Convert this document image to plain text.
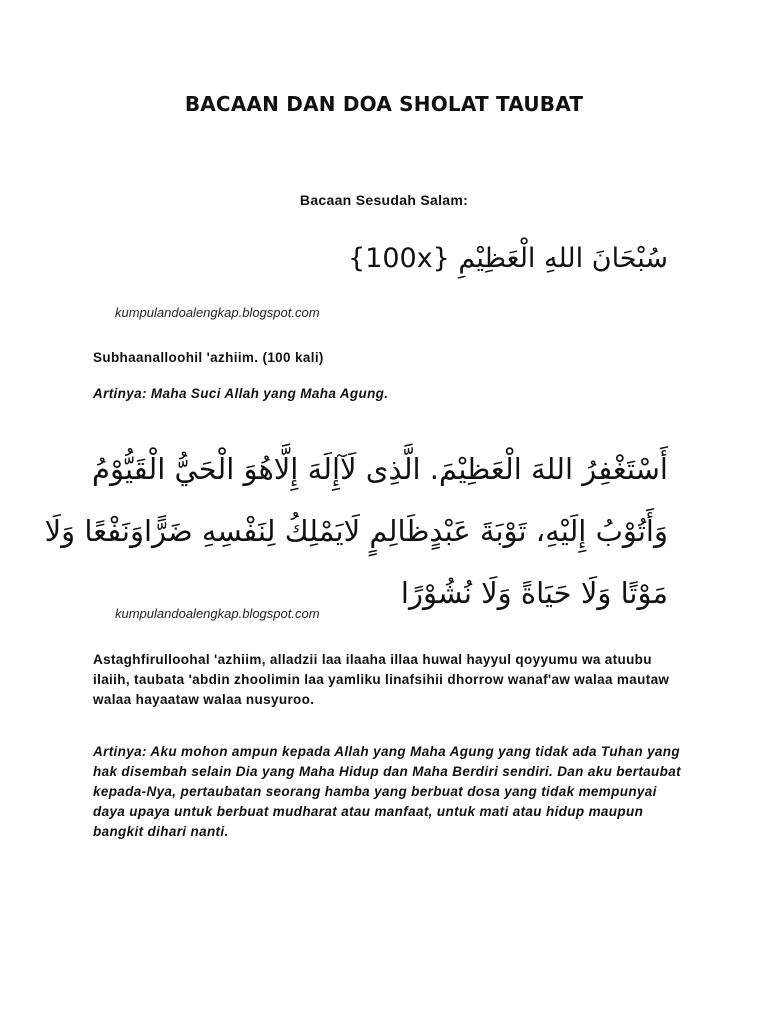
BACAAN DAN DOA SHOLAT TAUBAT
Bacaan Sesudah Salam:
سُبْحَانَ اللهِ الْعَظِيْمِ {100x}
kumpulandoalengkap.blogspot.com
Subhaanalloohil 'azhiim. (100 kali)
Artinya: Maha Suci Allah yang Maha Agung.
أَسْتَغْفِرُ اللهَ الْعَظِيْمَ. الَّذِى لَآإِلَهَ إِلَّاهُوَ الْحَيُّ الْقَيُّوْمُ
وَأَتُوْبُ إِلَيْهِ، تَوْبَةَ عَبْدٍظَالِمٍ لَايَمْلِكُ لِنَفْسِهِ ضَرًّاوَنَفْعًا وَلَا
مَوْتًا وَلَا حَيَاةً وَلَا نُشُوْرًا
kumpulandoalengkap.blogspot.com
Astaghfirulloohal 'azhiim, alladzii laa ilaaha illaa huwal hayyul qoyyumu wa atuubu ilaiih, taubata 'abdin zhoolimin laa yamliku linafsihii dhorrow wanaf'aw walaa mautaw walaa hayaataw walaa nusyuroo.
Artinya: Aku mohon ampun kepada Allah yang Maha Agung yang tidak ada Tuhan yang hak disembah selain Dia yang Maha Hidup dan Maha Berdiri sendiri. Dan aku bertaubat kepada-Nya, pertaubatan seorang hamba yang berbuat dosa yang tidak mempunyai daya upaya untuk berbuat mudharat atau manfaat, untuk mati atau hidup maupun bangkit dihari nanti.
